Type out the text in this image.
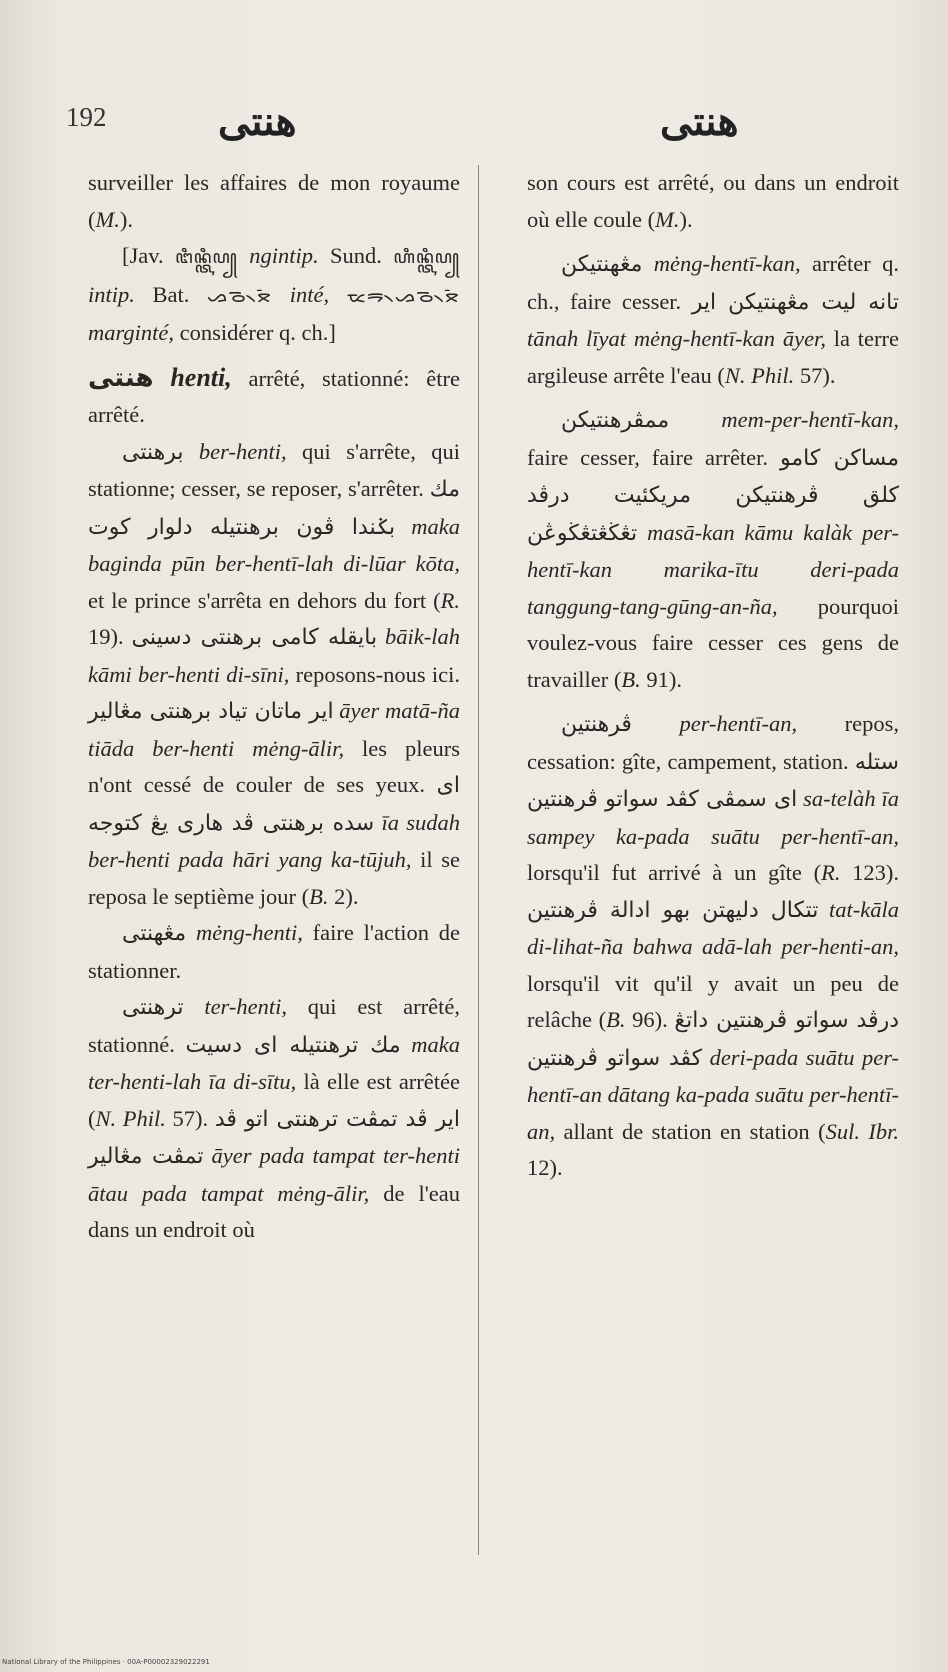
192	هنتى	هنتى

surveiller les affaires de mon royaume (M.).

[Jav. ꦔꦶꦤ꧀ꦠꦶꦥ꧀ ngintip. Sund. ꦲꦶꦤ꧀ꦠꦶꦥ꧀ intip. Bat. ᯀᯉ᯲ᯖᯩ inté, ᯔᯒ᯲ᯀᯉ᯲ᯖᯩ marginté, considérer q. ch.]

هنتى henti, arrêté, stationné: être arrêté.

برهنتى ber-henti, qui s'arrête, qui stationne; cesser, se reposer, s'arrêter. مك بݢندا ڤون برهنتيله دلوار كوت maka baginda pūn ber-hentī-lah di-lūar kōta, et le prince s'arrêta en dehors du fort (R. 19). بايقله كامى برهنتى دسينى bāik-lah kāmi ber-henti di-sīni, reposons-nous ici. اير ماتان تياد برهنتى مڠالير āyer matā-ña tiāda ber-henti mėng-ālir, les pleurs n'ont cessé de couler de ses yeux. اى سده برهنتى ڤد هارى يڠ كتوجه īa sudah ber-henti pada hāri yang ka-tūjuh, il se reposa le septième jour (B. 2).

مڠهنتى mėng-henti, faire l'action de stationner.

ترهنتى ter-henti, qui est arrêté, stationné. مك ترهنتيله اى دسيت maka ter-henti-lah īa di-sītu, là elle est arrêtée (N. Phil. 57). اير ڤد تمڤت ترهنتى اتو ڤد تمڤت مڠالير āyer pada tampat ter-henti ātau pada tampat mėng-ālir, de l'eau dans un endroit où

son cours est arrêté, ou dans un endroit où elle coule (M.).

مڠهنتيكن mėng-hentī-kan, arrêter q. ch., faire cesser. تانه ليت مڠهنتيكن اير tānah līyat mėng-hentī-kan āyer, la terre argileuse arrête l'eau (N. Phil. 57).

ممڤرهنتيكن mem-per-hentī-kan, faire cesser, faire arrêter. مساكن كامو كلق ڤرهنتيكن مريكئيت درڤد تڠڬڠتڠڬوڠن masā-kan kāmu kalàk per-hentī-kan marika-ītu deri-pada tanggung-tang-gūng-an-ña, pourquoi voulez-vous faire cesser ces gens de travailler (B. 91).

ڤرهنتين per-hentī-an, repos, cessation: gîte, campement, station. ستله اى سمڤى كڤد سواتو ڤرهنتين sa-telàh īa sampey ka-pada suātu per-hentī-an, lorsqu'il fut arrivé à un gîte (R. 123). تتكال دليهتن بهو ادالة ڤرهنتين tat-kāla di-lihat-ña bahwa adā-lah per-henti-an, lorsqu'il vit qu'il y avait un peu de relâche (B. 96). درڤد سواتو ڤرهنتين داتڠ كڤد سواتو ڤرهنتين deri-pada suātu per-hentī-an dātang ka-pada suātu per-hentī-an, allant de station en station (Sul. Ibr. 12).

National Library of the Philippines · 00A-P00002329022291
